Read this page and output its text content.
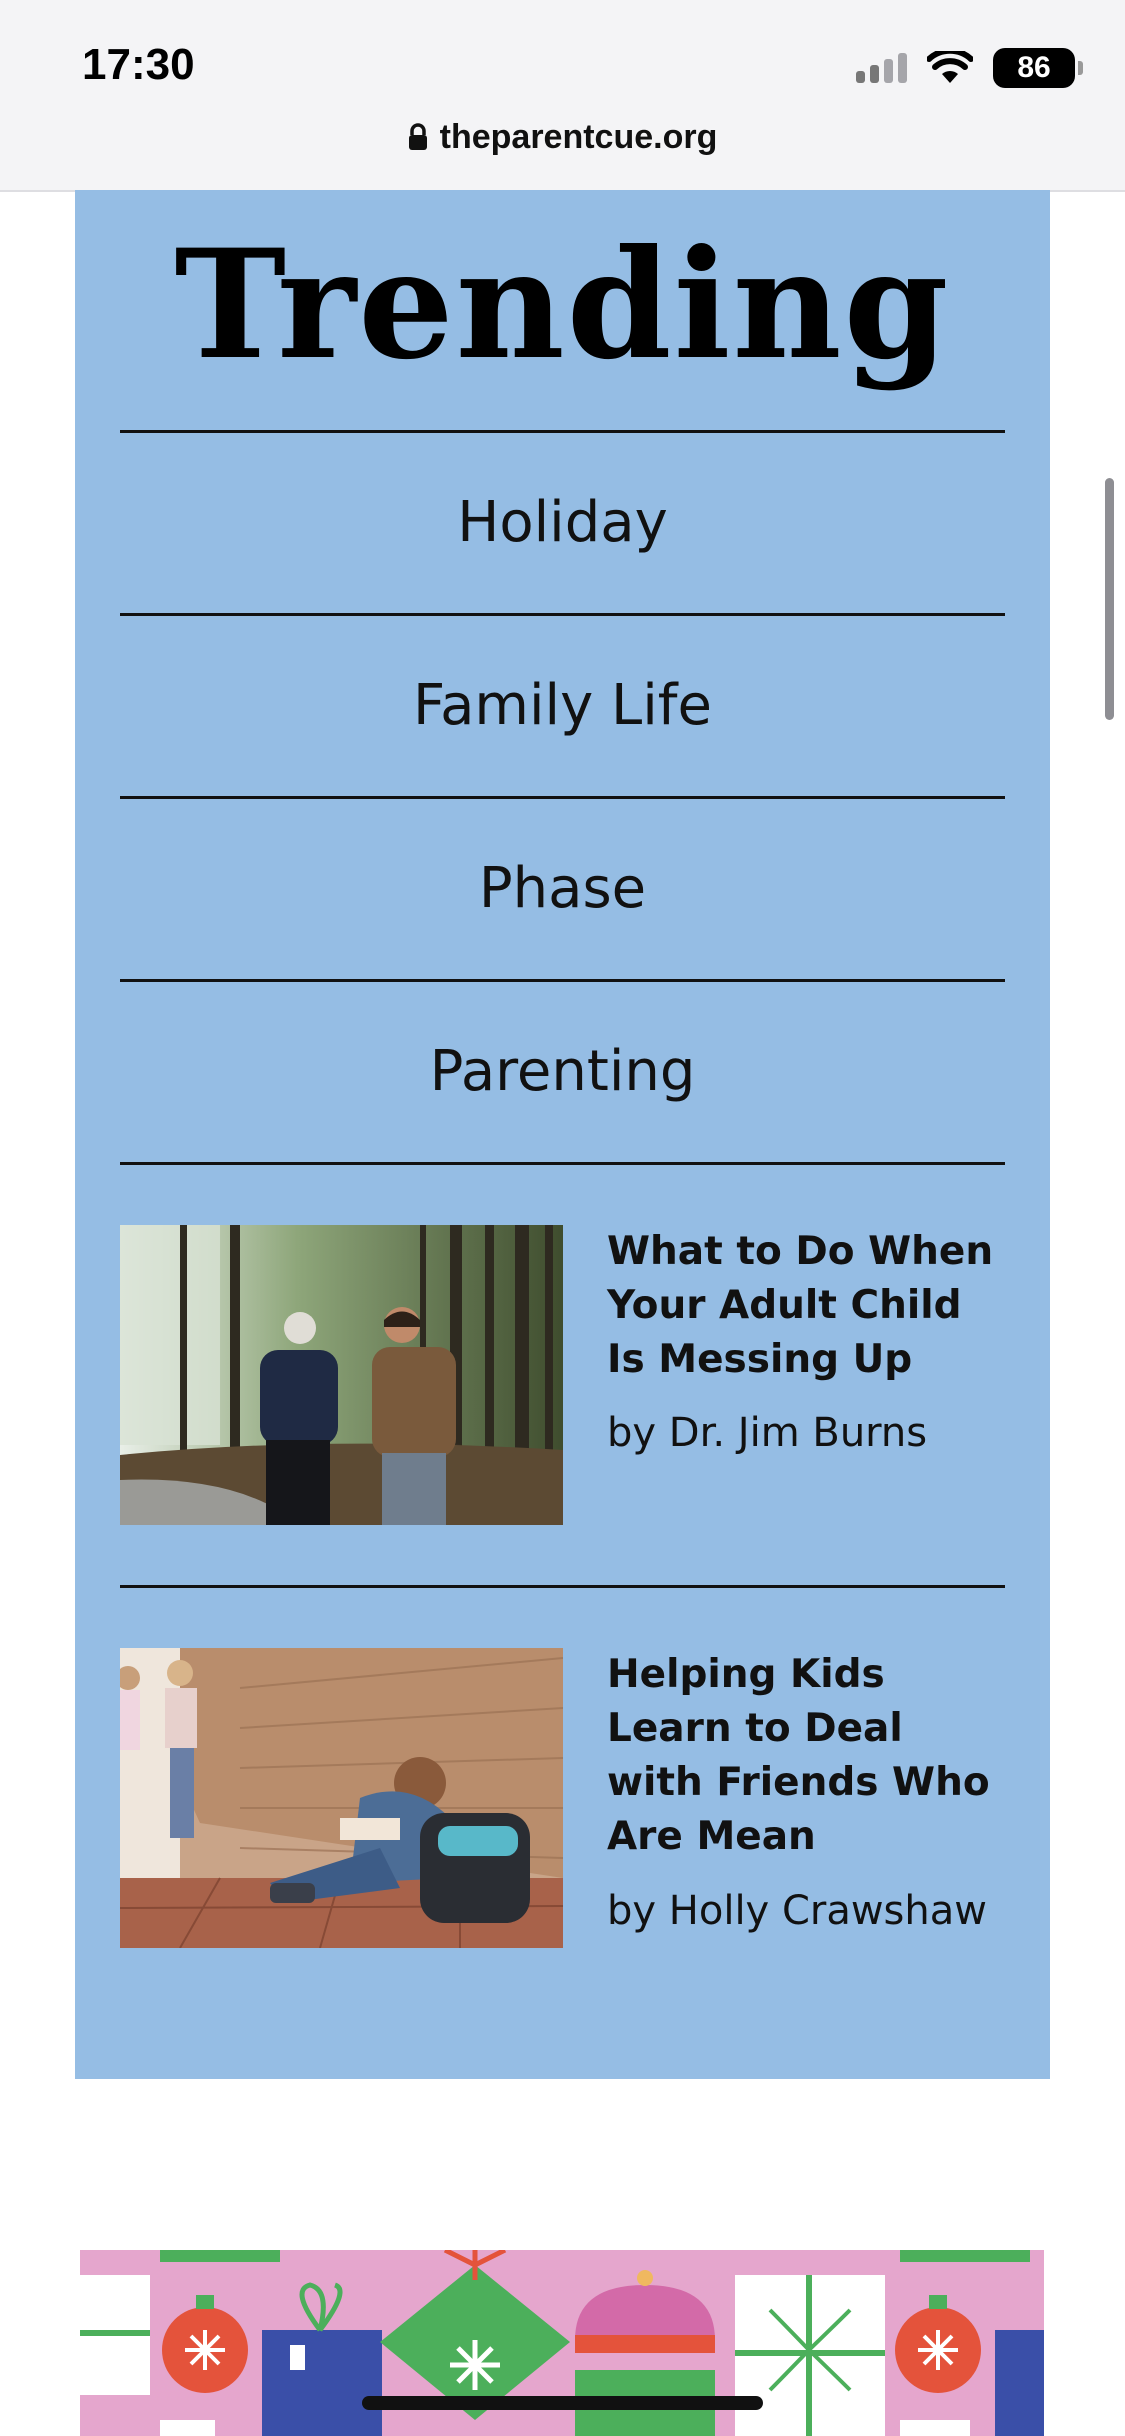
17:30	86
theparentcue.org
Trending
Holiday
Family Life
Phase
Parenting
What to Do When Your Adult Child Is Messing Up
by Dr. Jim Burns
Helping Kids Learn to Deal with Friends Who Are Mean
by Holly Crawshaw
